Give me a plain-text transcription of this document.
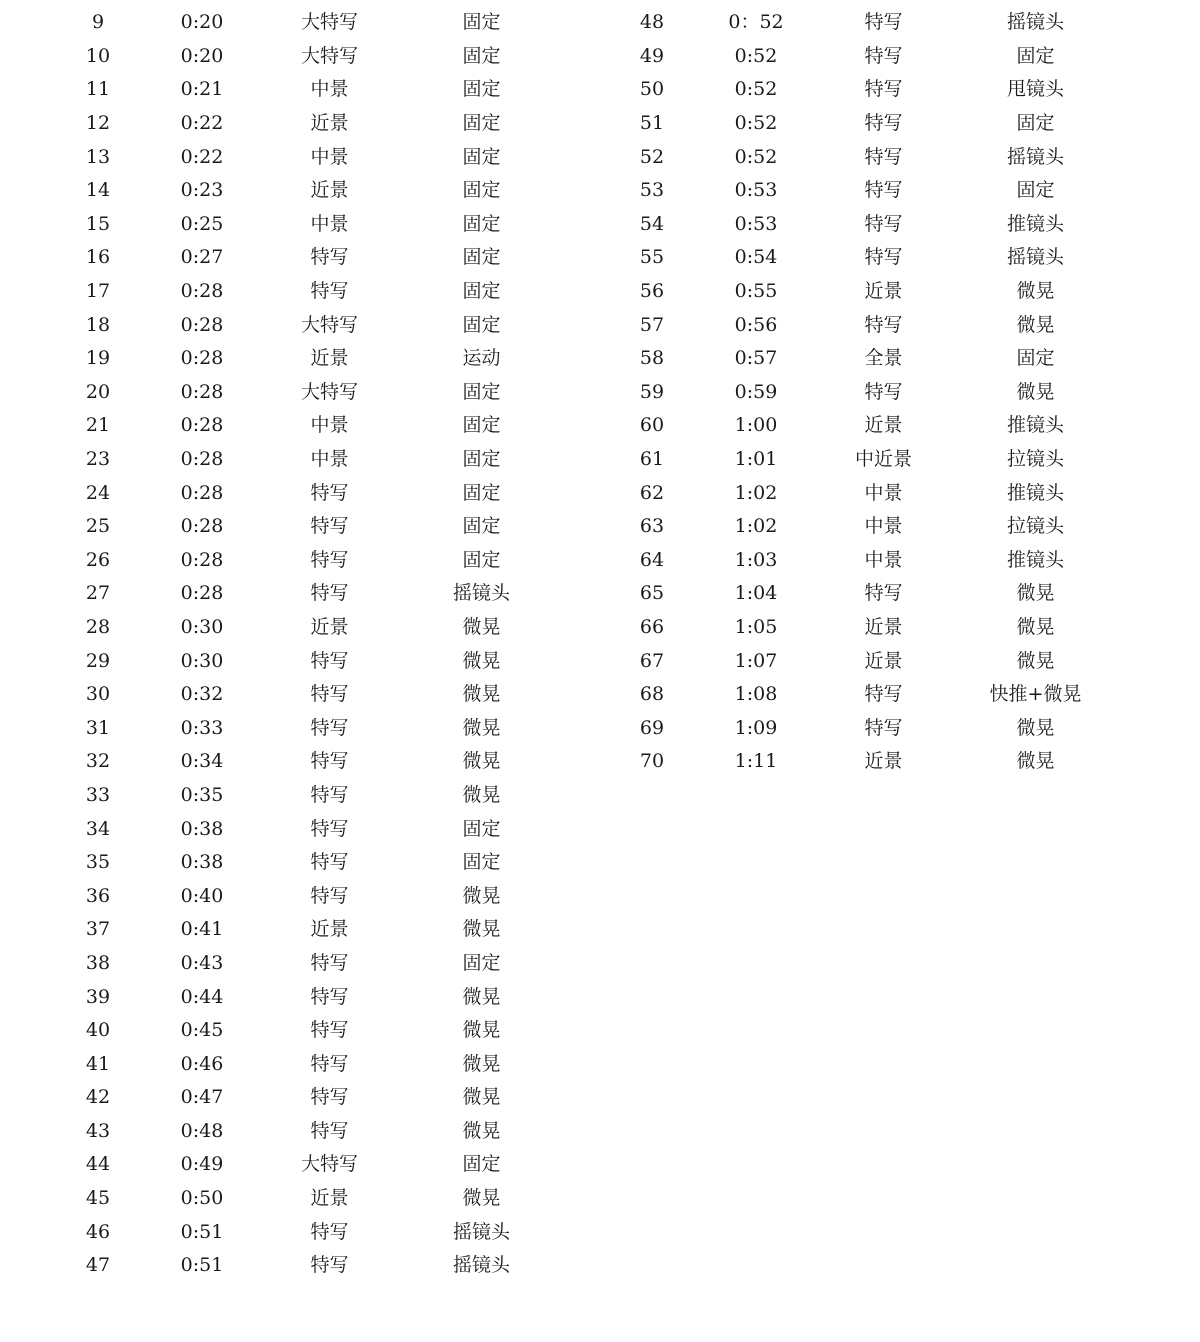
9	0:20	大特写	固定
10	0:20	大特写	固定
11	0:21	中景	固定
12	0:22	近景	固定
13	0:22	中景	固定
14	0:23	近景	固定
15	0:25	中景	固定
16	0:27	特写	固定
17	0:28	特写	固定
18	0:28	大特写	固定
19	0:28	近景	运动
20	0:28	大特写	固定
21	0:28	中景	固定
23	0:28	中景	固定
24	0:28	特写	固定
25	0:28	特写	固定
26	0:28	特写	固定
27	0:28	特写	摇镜头
28	0:30	近景	微晃
29	0:30	特写	微晃
30	0:32	特写	微晃
31	0:33	特写	微晃
32	0:34	特写	微晃
33	0:35	特写	微晃
34	0:38	特写	固定
35	0:38	特写	固定
36	0:40	特写	微晃
37	0:41	近景	微晃
38	0:43	特写	固定
39	0:44	特写	微晃
40	0:45	特写	微晃
41	0:46	特写	微晃
42	0:47	特写	微晃
43	0:48	特写	微晃
44	0:49	大特写	固定
45	0:50	近景	微晃
46	0:51	特写	摇镜头
47	0:51	特写	摇镜头
48	0：52	特写	摇镜头
49	0:52	特写	固定
50	0:52	特写	甩镜头
51	0:52	特写	固定
52	0:52	特写	摇镜头
53	0:53	特写	固定
54	0:53	特写	推镜头
55	0:54	特写	摇镜头
56	0:55	近景	微晃
57	0:56	特写	微晃
58	0:57	全景	固定
59	0:59	特写	微晃
60	1:00	近景	推镜头
61	1:01	中近景	拉镜头
62	1:02	中景	推镜头
63	1:02	中景	拉镜头
64	1:03	中景	推镜头
65	1:04	特写	微晃
66	1:05	近景	微晃
67	1:07	近景	微晃
68	1:08	特写	快推+微晃
69	1:09	特写	微晃
70	1:11	近景	微晃
